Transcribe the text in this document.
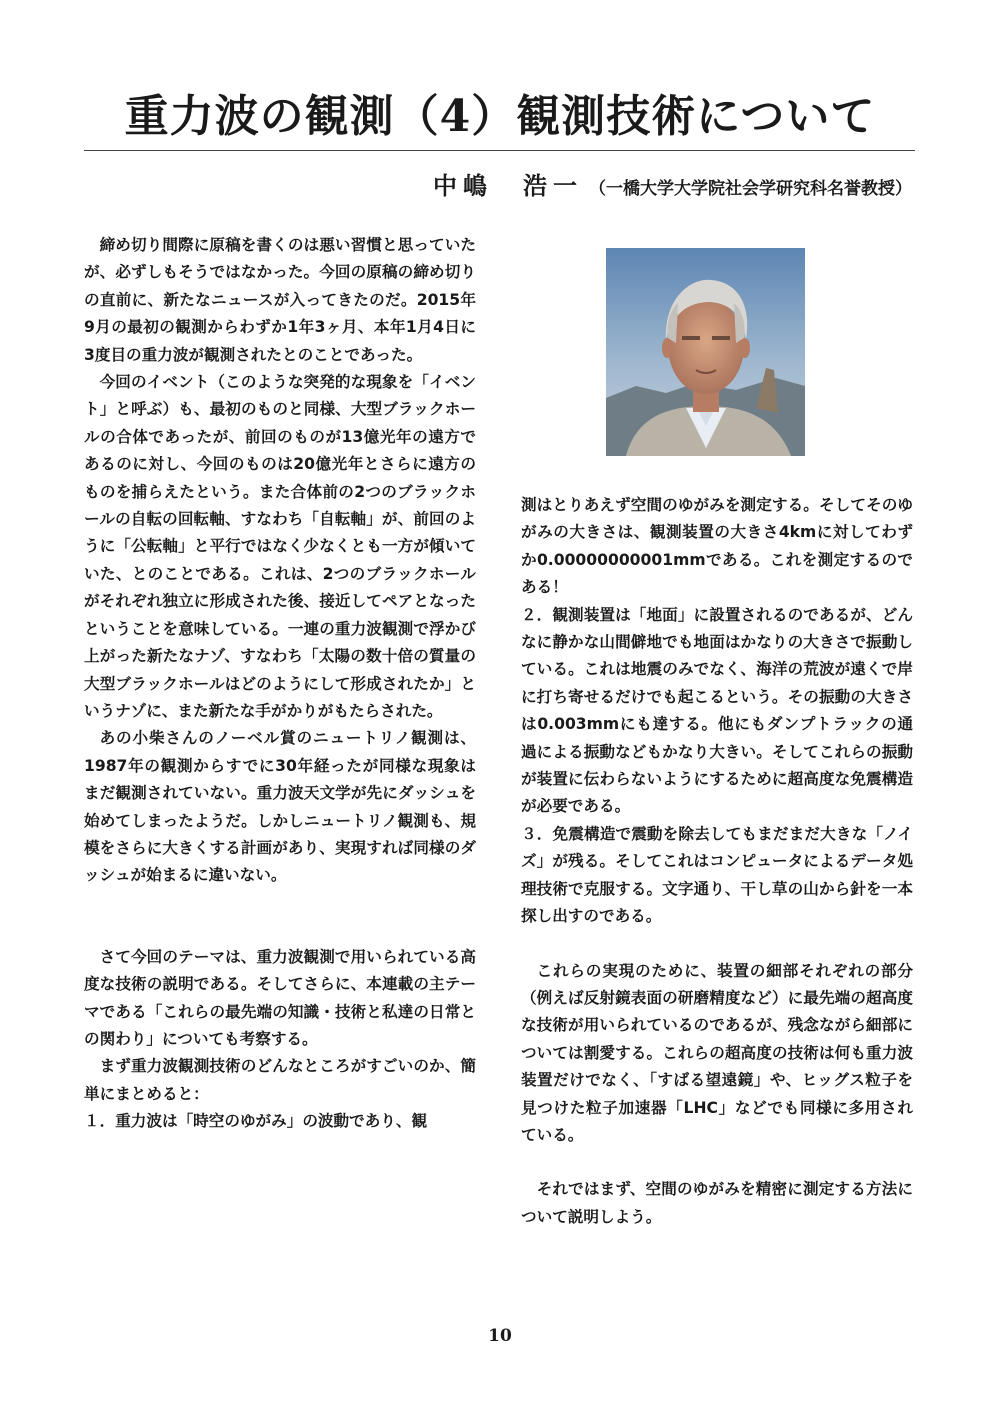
重力波の観測（4）観測技術について
中嶋　浩一 （一橋大学大学院社会学研究科名誉教授）

締め切り間際に原稿を書くのは悪い習慣と思っていたが、必ずしもそうではなかった。今回の原稿の締め切りの直前に、新たなニュースが入ってきたのだ。2015年9月の最初の観測からわずか1年3ヶ月、本年1月4日に3度目の重力波が観測されたとのことであった。

今回のイベント（このような突発的な現象を「イベント」と呼ぶ）も、最初のものと同様、大型ブラックホールの合体であったが、前回のものが13億光年の遠方であるのに対し、今回のものは20億光年とさらに遠方のものを捕らえたという。また合体前の2つのブラックホールの自転の回転軸、すなわち「自転軸」が、前回のように「公転軸」と平行ではなく少なくとも一方が傾いていた、とのことである。これは、2つのブラックホールがそれぞれ独立に形成された後、接近してペアとなったということを意味している。一連の重力波観測で浮かび上がった新たなナゾ、すなわち「太陽の数十倍の質量の大型ブラックホールはどのようにして形成されたか」というナゾに、また新たな手がかりがもたらされた。

あの小柴さんのノーベル賞のニュートリノ観測は、1987年の観測からすでに30年経ったが同様な現象はまだ観測されていない。重力波天文学が先にダッシュを始めてしまったようだ。しかしニュートリノ観測も、規模をさらに大きくする計画があり、実現すれば同様のダッシュが始まるに違いない。

さて今回のテーマは、重力波観測で用いられている高度な技術の説明である。そしてさらに、本連載の主テーマである「これらの最先端の知識・技術と私達の日常との関わり」についても考察する。

まず重力波観測技術のどんなところがすごいのか、簡単にまとめると：

１．重力波は「時空のゆがみ」の波動であり、観

測はとりあえず空間のゆがみを測定する。そしてそのゆがみの大きさは、観測装置の大きさ4kmに対してわずか0.00000000001mmである。これを測定するのである！

２．観測装置は「地面」に設置されるのであるが、どんなに静かな山間僻地でも地面はかなりの大きさで振動している。これは地震のみでなく、海洋の荒波が遠くで岸に打ち寄せるだけでも起こるという。その振動の大きさは0.003mmにも達する。他にもダンプトラックの通過による振動などもかなり大きい。そしてこれらの振動が装置に伝わらないようにするために超高度な免震構造が必要である。

３．免震構造で震動を除去してもまだまだ大きな「ノイズ」が残る。そしてこれはコンピュータによるデータ処理技術で克服する。文字通り、干し草の山から針を一本探し出すのである。

これらの実現のために、装置の細部それぞれの部分（例えば反射鏡表面の研磨精度など）に最先端の超高度な技術が用いられているのであるが、残念ながら細部については割愛する。これらの超高度の技術は何も重力波装置だけでなく、「すばる望遠鏡」や、ヒッグス粒子を見つけた粒子加速器「LHC」などでも同様に多用されている。

それではまず、空間のゆがみを精密に測定する方法について説明しよう。

10
